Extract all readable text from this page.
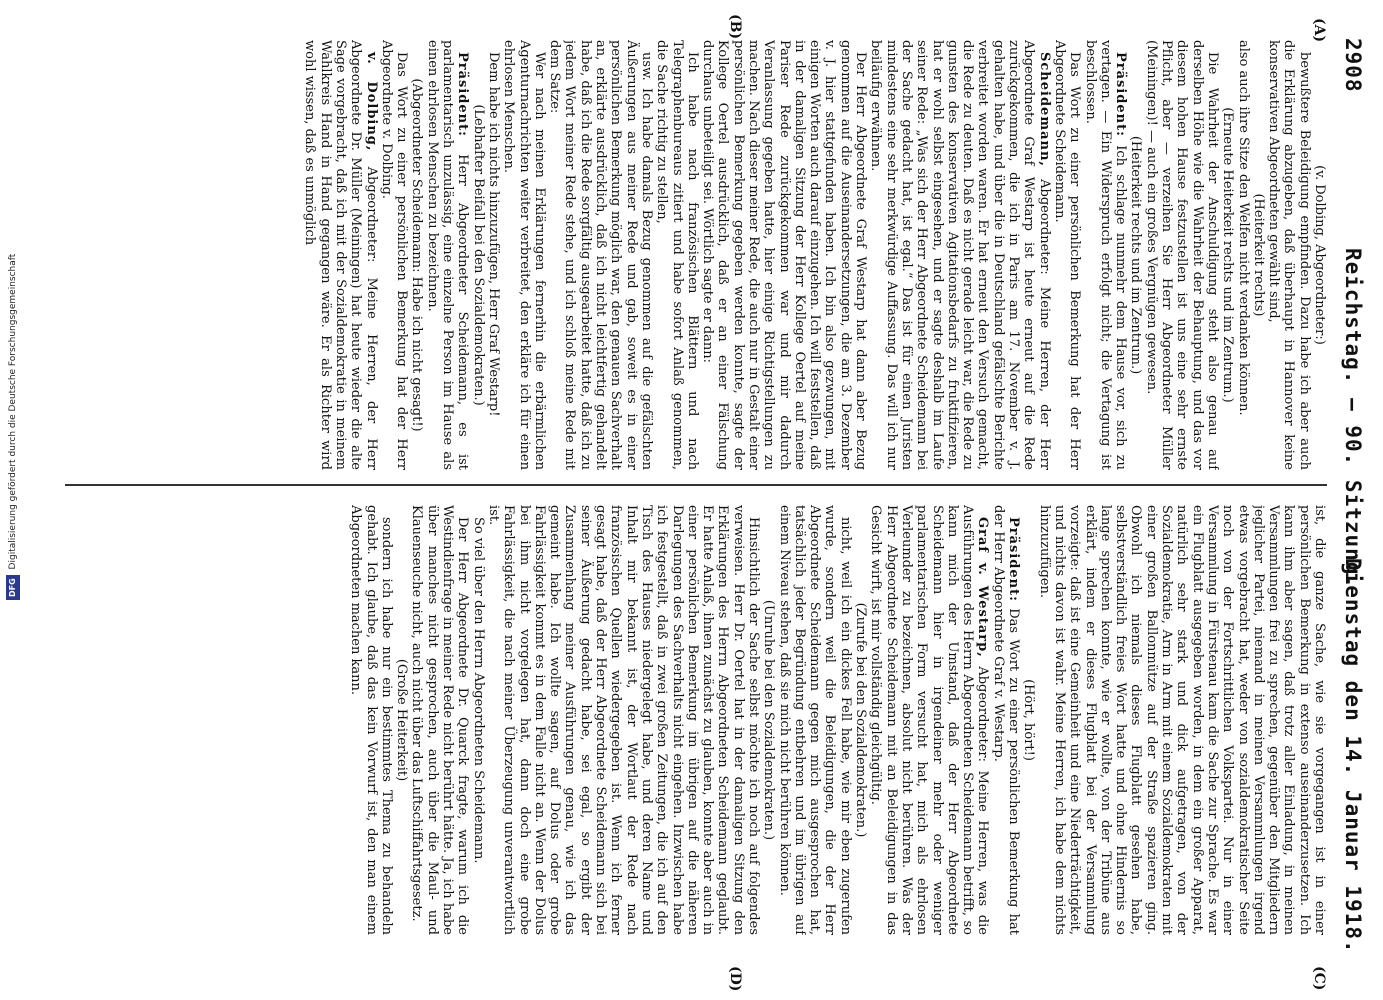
DFG Digitalisierung gefördert durch die Deutsche Forschungsgemeinschaft
2908
Reichstag. — 90. Sitzung.
Dienstag den 14. Januar 1918.
(A)
(B)
(C)
(D)

(v. Dolbing, Abgeordneter:)

bewußtere Beleidigung empfinden. Dazu habe ich aber auch die Erklärung abzugeben, daß überhaupt in Hannover keine konservativen Abgeordneten gewählt sind,

(Heiterkeit rechts)

also auch ihre Sitze den Welfen nicht verdanken können.

(Erneute Heiterkeit rechts und im Zentrum.)

Die Wahrheit der Anschuldigung steht also genau auf derselben Höhe wie die Wahrheit der Behauptung, und das vor diesem hohen Hause festzustellen ist uns eine sehr ernste Pflicht, aber — verzeihen Sie Herr Abgeordneter Müller (Meiningen)! — auch ein großes Vergnügen gewesen.

(Heiterkeit rechts und im Zentrum.)

Präsident: Ich schlage nunmehr dem Hause vor, sich zu vertagen. — Ein Widerspruch erfolgt nicht; die Vertagung ist beschlossen.

Das Wort zu einer persönlichen Bemerkung hat der Herr Abgeordnete Scheidemann.

Scheidemann, Abgeordneter: Meine Herren, der Herr Abgeordnete Graf Westarp ist heute erneut auf die Rede zurückgekommen, die ich in Paris am 17. November v. J. gehalten habe, und über die in Deutschland gefälschte Berichte verbreitet worden waren. Er hat erneut den Versuch gemacht, die Rede zu deuten. Daß es nicht gerade leicht war, die Rede zu gunsten des konservativen Agitationsbedarfs zu fruktifizieren, hat er wohl selbst eingesehen, und er sagte deshalb im Laufe seiner Rede: „Was sich der Herr Abgeordnete Scheidemann bei der Sache gedacht hat, ist egal.“ Das ist für einen Juristen mindestens eine sehr merkwürdige Auffassung. Das will ich nur beiläufig erwähnen.

Der Herr Abgeordnete Graf Westarp hat dann aber Bezug genommen auf die Auseinandersetzungen, die am 3. Dezember v. J. hier stattgefunden haben. Ich bin also gezwungen, mit einigen Worten auch darauf einzugehen. Ich will feststellen, daß in der damaligen Sitzung der Herr Kollege Oertel auf meine Pariser Rede zurückgekommen war und mir dadurch Veranlassung gegeben hatte, hier einige Richtigstellungen zu machen. Nach dieser meiner Rede, die auch nur in Gestalt einer persönlichen Bemerkung gegeben werden konnte, sagte der Kollege Oertel ausdrücklich, daß er an einer Fälschung durchaus unbeteiligt sei. Wörtlich sagte er dann:

Ich habe nach französischen Blättern und nach Telegraphenbureaus zitiert und habe sofort Anlaß genommen, die Sache richtig zu stellen,

usw. Ich habe damals Bezug genommen auf die gefälschten Äußerungen aus meiner Rede und gab, soweit es in einer persönlichen Bemerkung möglich war, den genauen Sachverhalt an, erklärte ausdrücklich, daß ich nicht leichtfertig gehandelt habe, daß ich die Rede sorgfältig ausgearbeitet hatte, daß ich zu jedem Wort meiner Rede stehe, und ich schloß meine Rede mit dem Satze:

Wer nach meinen Erklärungen fernerhin die erbärmlichen Agenturnachrichten weiter verbreitet, den erkläre ich für einen ehrlosen Menschen.

Dem habe ich nichts hinzuzufügen, Herr Graf Westarp!

(Lebhafter Beifall bei den Sozialdemokraten.)

Präsident: Herr Abgeordneter Scheidemann, es ist parlamentarisch unzulässig, eine einzelne Person im Hause als einen ehrlosen Menschen zu bezeichnen.

(Abgeordneter Scheidemann: Habe ich nicht gesagt!)

Das Wort zu einer persönlichen Bemerkung hat der Herr Abgeordnete v. Dolbing.

v. Dolbing, Abgeordneter: Meine Herren, der Herr Abgeordnete Dr. Müller (Meiningen) hat heute wieder die alte Sage vorgebracht, daß ich mit der Sozialdemokratie in meinem Wahlkreis Hand in Hand gegangen wäre. Er als Richter wird wohl wissen, daß es unmöglich

ist, die ganze Sache, wie sie vorgegangen ist in einer persönlichen Bemerkung in extenso auseinanderzusetzen. Ich kann ihm aber sagen, daß trotz aller Einladung, in meinen Versammlungen frei zu sprechen, gegenüber den Mitgliedern jeglicher Partei, niemand in meinen Versammlungen irgend etwas vorgebracht hat, weder von sozialdemokratischer Seite noch von der Fortschrittlichen Volkspartei. Nur in einer Versammlung in Fürstenau kam die Sache zur Sprache. Es war ein Flugblatt ausgegeben worden, in dem ein großer Apparat, natürlich sehr stark und dick aufgetragen, von der Sozialdemokratie, Arm in Arm mit einem Sozialdemokraten mit einer großen Ballonmütze auf der Straße spazieren ging. Obwohl ich niemals dieses Flugblatt gesehen habe, selbstverständlich freies Wort hatte und ohne Hindernis so lange sprechen konnte, wie er wollte, von der Tribüne aus erklärt, indem er dieses Flugblatt bei der Versammlung vorzeigte: daß ist eine Gemeinheit und eine Niederträchtigkeit, und nichts davon ist wahr. Meine Herren, ich habe dem nichts hinzuzufügen.

(Hört, hört!)

Präsident: Das Wort zu einer persönlichen Bemerkung hat der Herr Abgeordnete Graf v. Westarp.

Graf v. Westarp, Abgeordneter: Meine Herren, was die Ausführungen des Herrn Abgeordneten Scheidemann betrifft, so kann mich der Umstand, daß der Herr Abgeordnete Scheidemann hier in irgendeiner mehr oder weniger parlamentarischen Form versucht hat, mich als ehrlosen Verleumder zu bezeichnen, absolut nicht berühren. Was der Herr Abgeordnete Scheidemann mit an Beleidigungen in das Gesicht wirft, ist mir vollständig gleichgültig.

(Zurufe bei den Sozialdemokraten.)

nicht, weil ich ein dickes Fell habe, wie mir eben zugerufen wurde, sondern weil die Beleidigungen, die der Herr Abgeordnete Scheidemann gegen mich ausgesprochen hat, tatsächlich jeder Begründung entbehren und im übrigen auf einem Niveau stehen, daß sie mich nicht berühren können.

(Unruhe bei den Sozialdemokraten.)

Hinsichtlich der Sache selbst möchte ich noch auf folgendes verweisen. Herr Dr. Oertel hat in der damaligen Sitzung den Erklärungen des Herrn Abgeordneten Scheidemann geglaubt. Er hatte Anlaß, ihnen zunächst zu glauben, konnte aber auch in einer persönlichen Bemerkung im übrigen auf die näheren Darlegungen des Sachverhalts nicht eingehen. Inzwischen habe ich festgestellt, daß in zwei großen Zeitungen, die ich auf den Tisch des Hauses niedergelegt habe, und deren Name und Inhalt mir bekannt ist, der Wortlaut der Rede nach französischen Quellen wiedergegeben ist. Wenn ich ferner gesagt habe, daß der Herr Abgeordnete Scheidemann sich bei seiner Äußerung gedacht habe, sei egal, so ergibt der Zusammenhang meiner Ausführungen genau, wie ich das gemeint habe. Ich wollte sagen, auf Dolus oder grobe Fahrlässigkeit kommt es in dem Falle nicht an. Wenn der Dolus bei ihm nicht vorgelegen hat, dann doch eine grobe Fahrlässigkeit, die nach meiner Überzeugung unverantwortlich ist.

So viel über den Herrn Abgeordneten Scheidemann.

Der Herr Abgeordnete Dr. Quarck fragte, warum ich die Westindienfrage in meiner Rede nicht berührt hätte. Ja, ich habe über manches nicht gesprochen, auch über die Maul- und Klauenseuche nicht, auch nicht über das Luftschiffahrtsgesetz.

(Große Heiterkeit)

sondern ich habe nur ein bestimmtes Thema zu behandeln gehabt. Ich glaube, daß das kein Vorwurf ist, den man einem Abgeordneten machen kann.
